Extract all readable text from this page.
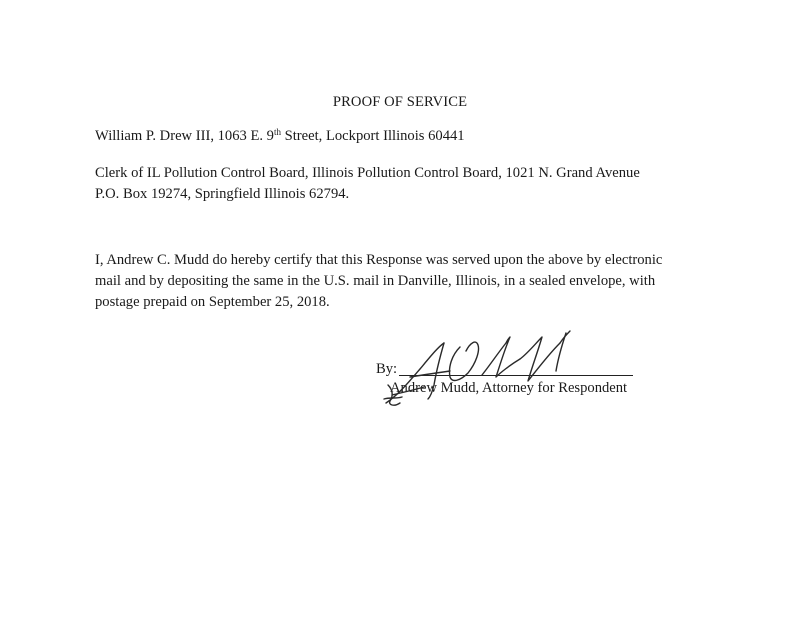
PROOF OF SERVICE
William P. Drew III, 1063 E. 9th Street, Lockport Illinois 60441
Clerk of IL Pollution Control Board, Illinois Pollution Control Board, 1021 N. Grand Avenue
P.O. Box 19274, Springfield Illinois 62794.
I, Andrew C. Mudd do hereby certify that this Response was served upon the above by electronic
mail and by depositing the same in the U.S. mail in Danville, Illinois, in a sealed envelope, with
postage prepaid on September 25, 2018.
By:
Andrew Mudd, Attorney for Respondent
